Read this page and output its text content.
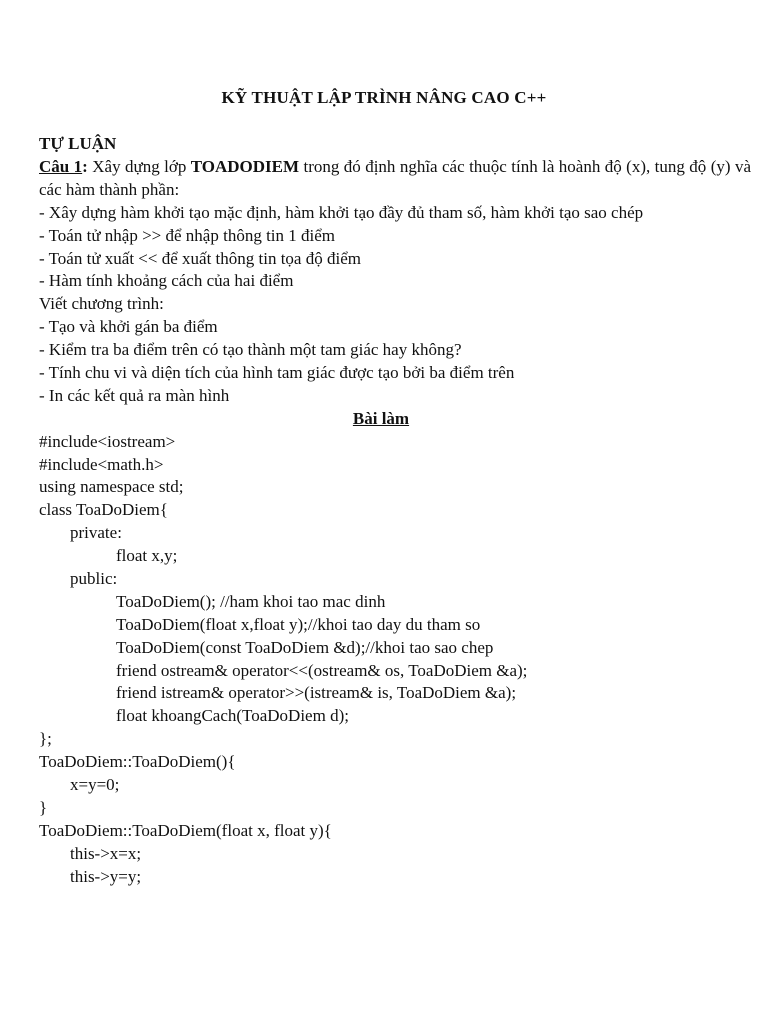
KỸ THUẬT LẬP TRÌNH NÂNG CAO C++
TỰ LUẬN
Câu 1: Xây dựng lớp TOADODIEM trong đó định nghĩa các thuộc tính là hoành độ (x), tung độ (y) và các hàm thành phần:
- Xây dựng hàm khởi tạo mặc định, hàm khởi tạo đầy đủ tham số, hàm khởi tạo sao chép
- Toán tử nhập >> để nhập thông tin 1 điểm
- Toán tử xuất << để xuất thông tin tọa độ điểm
- Hàm tính khoảng cách của hai điểm
Viết chương trình:
- Tạo và khởi gán ba điểm
- Kiểm tra ba điểm trên có tạo thành một tam giác hay không?
- Tính chu vi và diện tích của hình tam giác được tạo bởi ba điểm trên
- In các kết quả ra màn hình
Bài làm
#include<iostream>
#include<math.h>
using namespace std;
class ToaDoDiem{
private:
float x,y;
public:
ToaDoDiem(); //ham khoi tao mac dinh
ToaDoDiem(float x,float y);//khoi tao day du tham so
ToaDoDiem(const ToaDoDiem &d);//khoi tao sao chep
friend ostream& operator<<(ostream& os, ToaDoDiem &a);
friend istream& operator>>(istream& is, ToaDoDiem &a);
float khoangCach(ToaDoDiem d);
};
ToaDoDiem::ToaDoDiem(){
x=y=0;
}
ToaDoDiem::ToaDoDiem(float x, float y){
this->x=x;
this->y=y;
